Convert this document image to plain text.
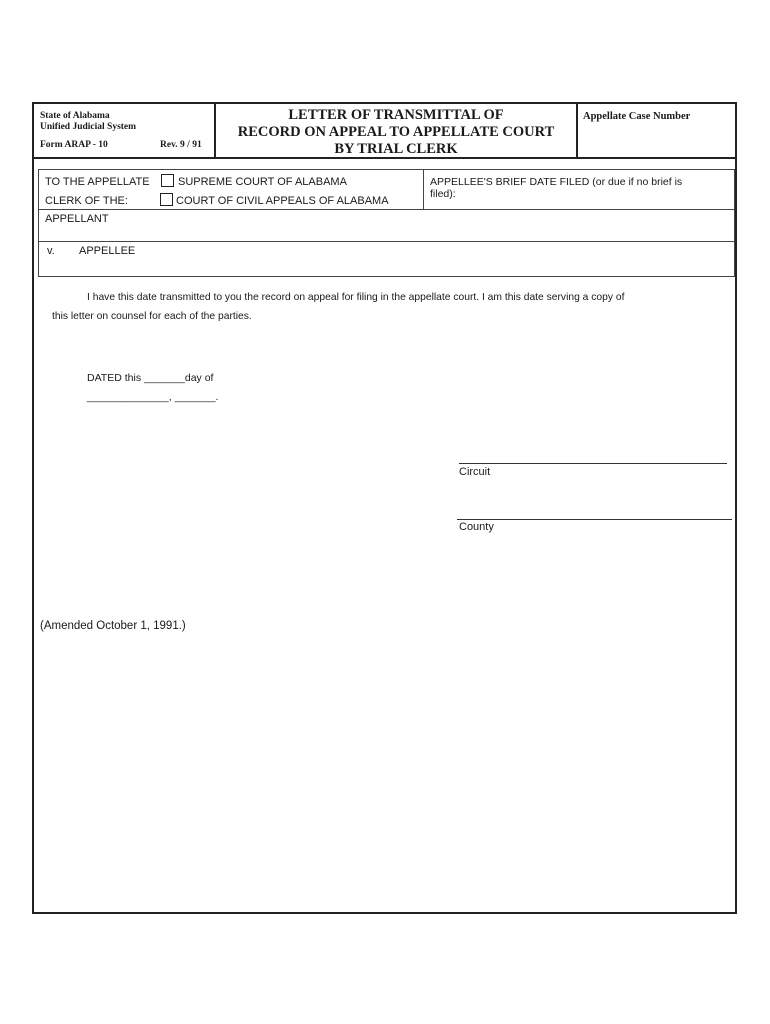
State of Alabama
Unified Judicial System
Form ARAP - 10	Rev. 9 / 91
LETTER OF TRANSMITTAL OF
RECORD ON APPEAL TO APPELLATE COURT
BY TRIAL CLERK
Appellate Case Number
TO THE APPELLATE
CLERK OF THE:
SUPREME COURT OF ALABAMA
COURT OF CIVIL APPEALS OF ALABAMA
APPELLEE'S BRIEF DATE FILED (or due if no brief is
filed):
APPELLANT
v. APPELLEE
I have this date transmitted to you the record on appeal for filing in the appellate court. I am this date serving a copy of
this letter on counsel for each of the parties.
DATED this _______day of
______________, _______.
Circuit
County
(Amended October 1, 1991.)
